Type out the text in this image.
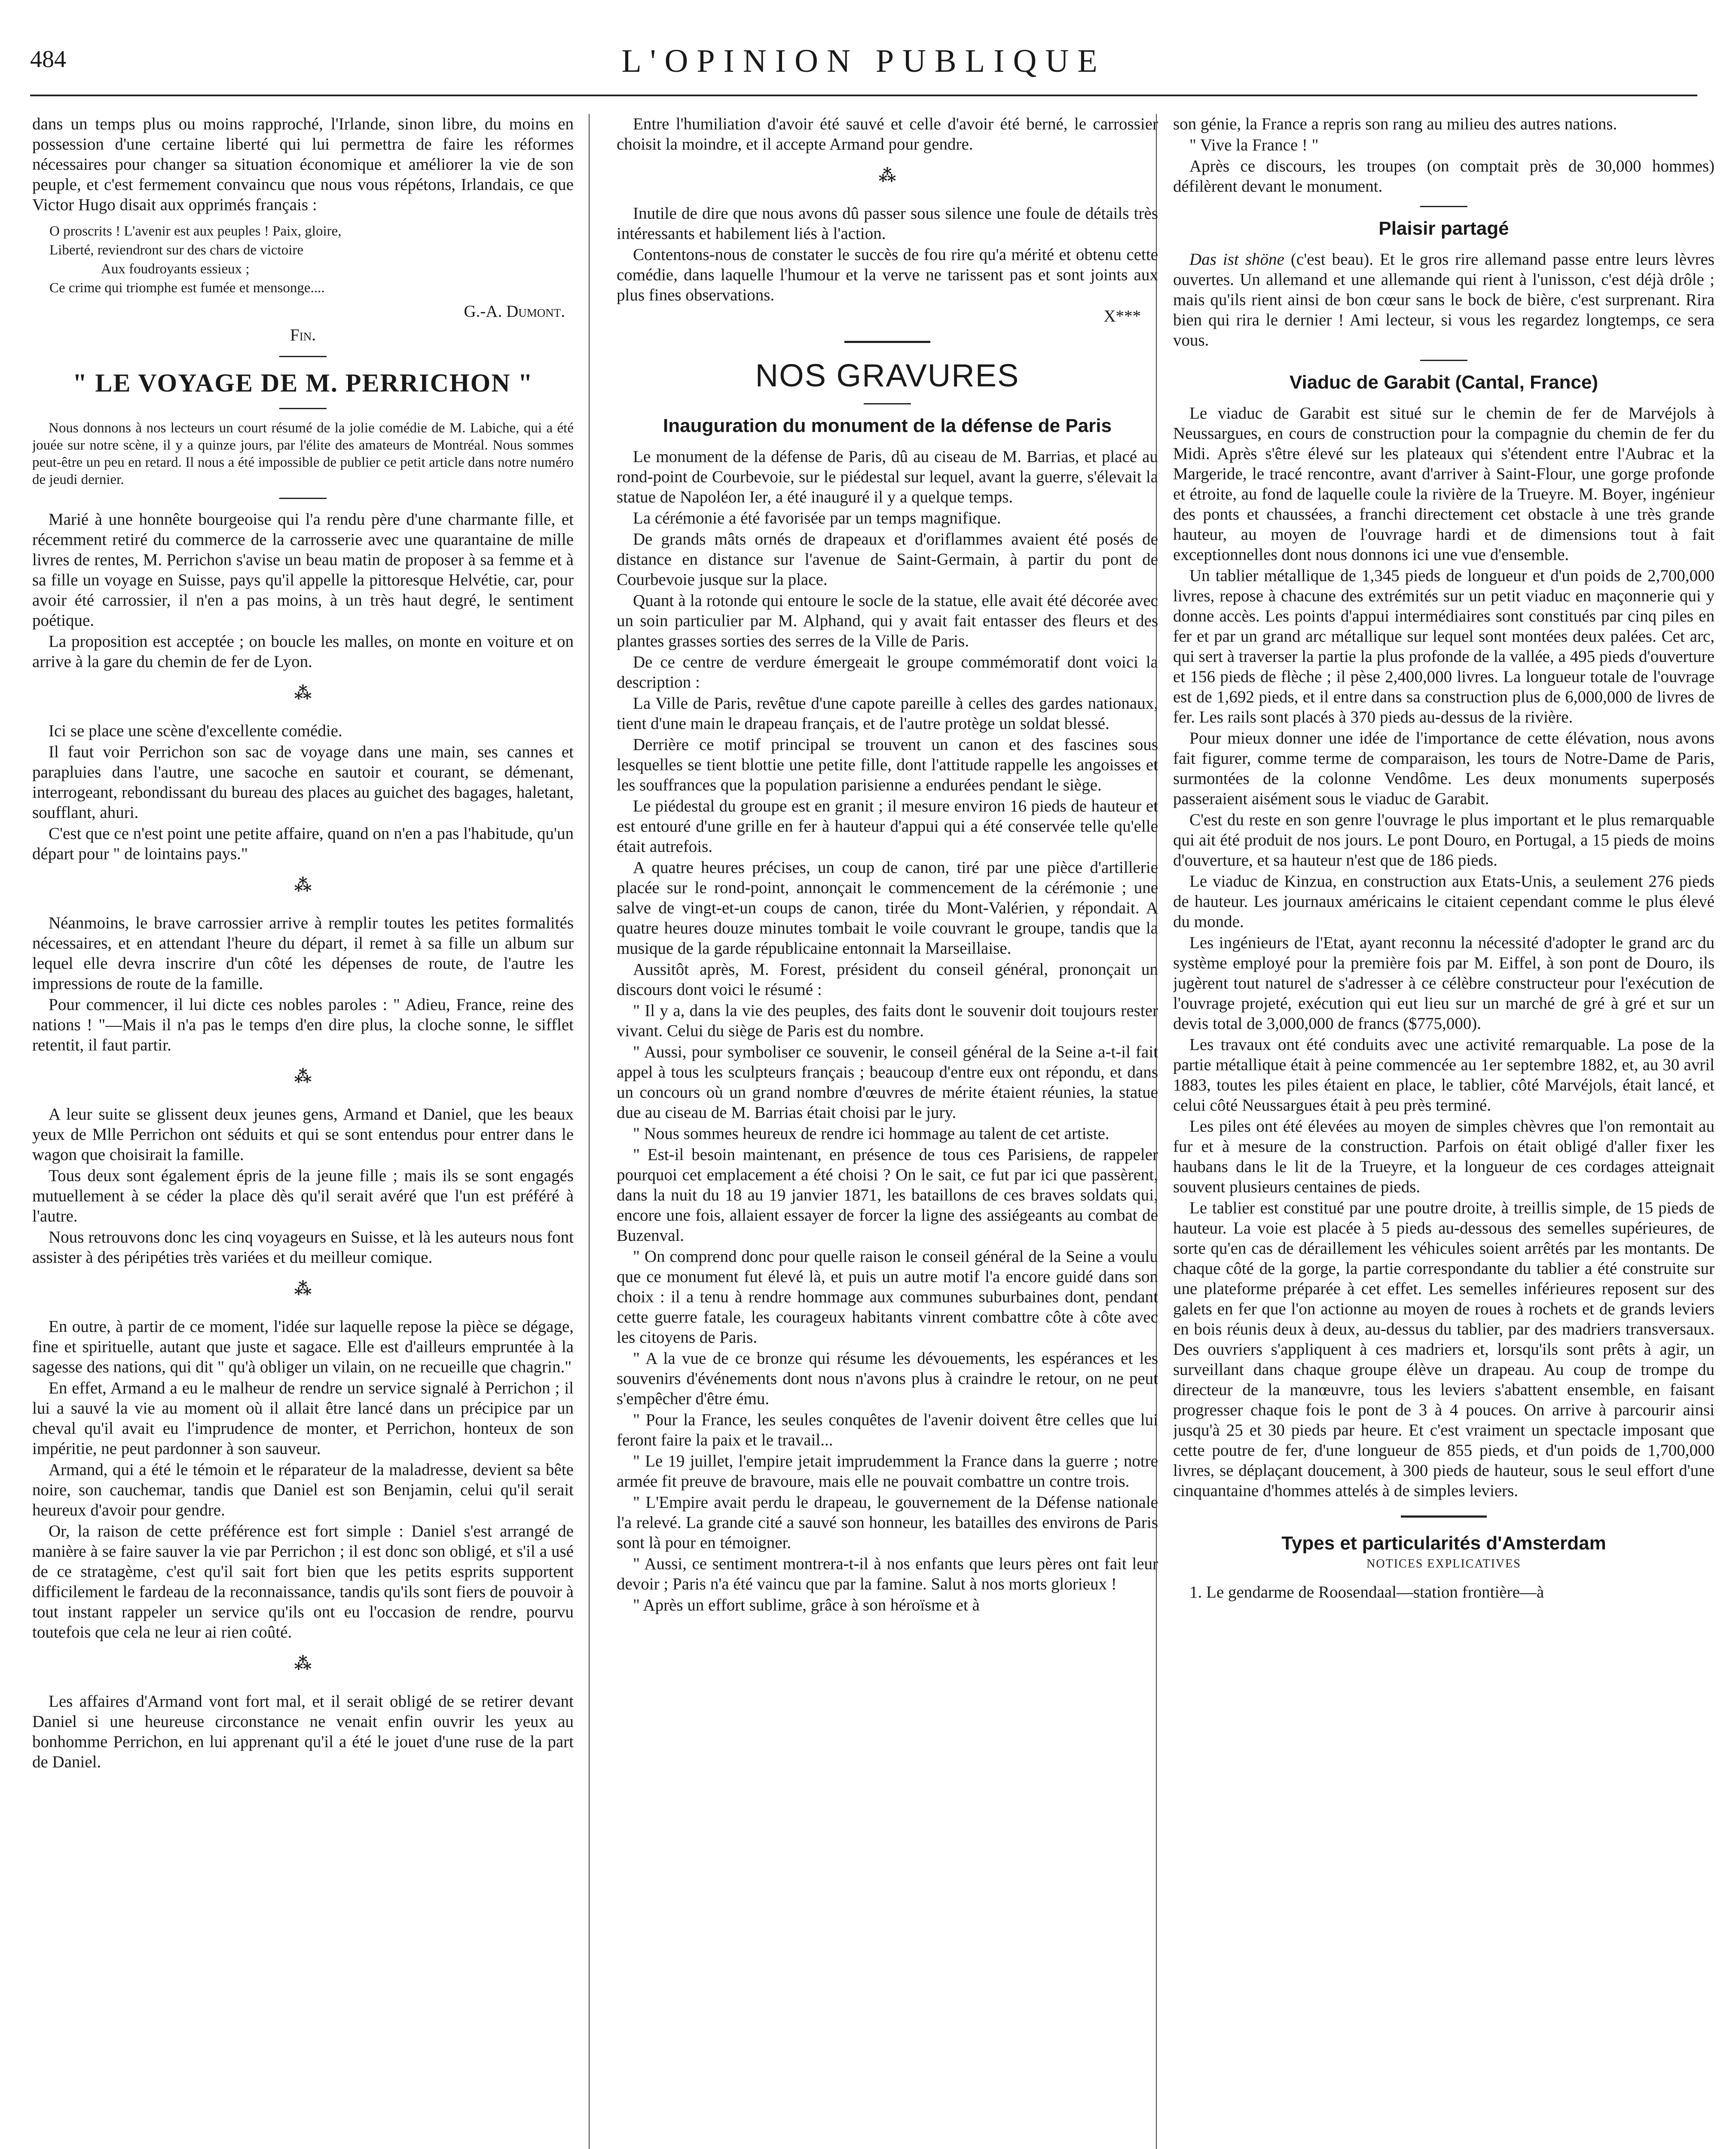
484	L'OPINION PUBLIQUE

dans un temps plus ou moins rapproché, l'Irlande, sinon libre, du moins en possession d'une certaine liberté qui lui permettra de faire les réformes nécessaires pour changer sa situation économique et améliorer la vie de son peuple, et c'est fermement convaincu que nous vous répétons, Irlandais, ce que Victor Hugo disait aux opprimés français :

O proscrits ! L'avenir est aux peuples ! Paix, gloire,
Liberté, reviendront sur des chars de victoire
Aux foudroyants essieux ;
Ce crime qui triomphe est fumée et mensonge....
G.-A. Dumont.
Fin.
" LE VOYAGE DE M. PERRICHON "

Nous donnons à nos lecteurs un court résumé de la jolie comédie de M. Labiche, qui a été jouée sur notre scène, il y a quinze jours, par l'élite des amateurs de Montréal. Nous sommes peut-être un peu en retard. Il nous a été impossible de publier ce petit article dans notre numéro de jeudi dernier.

Marié à une honnête bourgeoise qui l'a rendu père d'une charmante fille, et récemment retiré du commerce de la carrosserie avec une quarantaine de mille livres de rentes, M. Perrichon s'avise un beau matin de proposer à sa femme et à sa fille un voyage en Suisse, pays qu'il appelle la pittoresque Helvétie, car, pour avoir été carrossier, il n'en a pas moins, à un très haut degré, le sentiment poétique.

La proposition est acceptée ; on boucle les malles, on monte en voiture et on arrive à la gare du chemin de fer de Lyon.

⁂

Ici se place une scène d'excellente comédie.

Il faut voir Perrichon son sac de voyage dans une main, ses cannes et parapluies dans l'autre, une sacoche en sautoir et courant, se démenant, interrogeant, rebondissant du bureau des places au guichet des bagages, haletant, soufflant, ahuri.

C'est que ce n'est point une petite affaire, quand on n'en a pas l'habitude, qu'un départ pour " de lointains pays."

⁂

Néanmoins, le brave carrossier arrive à remplir toutes les petites formalités nécessaires, et en attendant l'heure du départ, il remet à sa fille un album sur lequel elle devra inscrire d'un côté les dépenses de route, de l'autre les impressions de route de la famille.

Pour commencer, il lui dicte ces nobles paroles : " Adieu, France, reine des nations ! "—Mais il n'a pas le temps d'en dire plus, la cloche sonne, le sifflet retentit, il faut partir.

⁂

A leur suite se glissent deux jeunes gens, Armand et Daniel, que les beaux yeux de Mlle Perrichon ont séduits et qui se sont entendus pour entrer dans le wagon que choisirait la famille.

Tous deux sont également épris de la jeune fille ; mais ils se sont engagés mutuellement à se céder la place dès qu'il serait avéré que l'un est préféré à l'autre.

Nous retrouvons donc les cinq voyageurs en Suisse, et là les auteurs nous font assister à des péripéties très variées et du meilleur comique.

⁂

En outre, à partir de ce moment, l'idée sur laquelle repose la pièce se dégage, fine et spirituelle, autant que juste et sagace. Elle est d'ailleurs empruntée à la sagesse des nations, qui dit " qu'à obliger un vilain, on ne recueille que chagrin."

En effet, Armand a eu le malheur de rendre un service signalé à Perrichon ; il lui a sauvé la vie au moment où il allait être lancé dans un précipice par un cheval qu'il avait eu l'imprudence de monter, et Perrichon, honteux de son impéritie, ne peut pardonner à son sauveur.

Armand, qui a été le témoin et le réparateur de la maladresse, devient sa bête noire, son cauchemar, tandis que Daniel est son Benjamin, celui qu'il serait heureux d'avoir pour gendre.

Or, la raison de cette préférence est fort simple : Daniel s'est arrangé de manière à se faire sauver la vie par Perrichon ; il est donc son obligé, et s'il a usé de ce stratagème, c'est qu'il sait fort bien que les petits esprits supportent difficilement le fardeau de la reconnaissance, tandis qu'ils sont fiers de pouvoir à tout instant rappeler un service qu'ils ont eu l'occasion de rendre, pourvu toutefois que cela ne leur ai rien coûté.

⁂

Les affaires d'Armand vont fort mal, et il serait obligé de se retirer devant Daniel si une heureuse circonstance ne venait enfin ouvrir les yeux au bonhomme Perrichon, en lui apprenant qu'il a été le jouet d'une ruse de la part de Daniel.

Entre l'humiliation d'avoir été sauvé et celle d'avoir été berné, le carrossier choisit la moindre, et il accepte Armand pour gendre.

⁂

Inutile de dire que nous avons dû passer sous silence une foule de détails très intéressants et habilement liés à l'action.

Contentons-nous de constater le succès de fou rire qu'a mérité et obtenu cette comédie, dans laquelle l'humour et la verve ne tarissent pas et sont joints aux plus fines observations.

X***

NOS GRAVURES
Inauguration du monument de la défense de Paris

Le monument de la défense de Paris, dû au ciseau de M. Barrias, et placé au rond-point de Courbevoie, sur le piédestal sur lequel, avant la guerre, s'élevait la statue de Napoléon Ier, a été inauguré il y a quelque temps.

La cérémonie a été favorisée par un temps magnifique.

De grands mâts ornés de drapeaux et d'oriflammes avaient été posés de distance en distance sur l'avenue de Saint-Germain, à partir du pont de Courbevoie jusque sur la place.

Quant à la rotonde qui entoure le socle de la statue, elle avait été décorée avec un soin particulier par M. Alphand, qui y avait fait entasser des fleurs et des plantes grasses sorties des serres de la Ville de Paris.

De ce centre de verdure émergeait le groupe commémoratif dont voici la description :

La Ville de Paris, revêtue d'une capote pareille à celles des gardes nationaux, tient d'une main le drapeau français, et de l'autre protège un soldat blessé.

Derrière ce motif principal se trouvent un canon et des fascines sous lesquelles se tient blottie une petite fille, dont l'attitude rappelle les angoisses et les souffrances que la population parisienne a endurées pendant le siège.

Le piédestal du groupe est en granit ; il mesure environ 16 pieds de hauteur et est entouré d'une grille en fer à hauteur d'appui qui a été conservée telle qu'elle était autrefois.

A quatre heures précises, un coup de canon, tiré par une pièce d'artillerie placée sur le rond-point, annonçait le commencement de la cérémonie ; une salve de vingt-et-un coups de canon, tirée du Mont-Valérien, y répondait. A quatre heures douze minutes tombait le voile couvrant le groupe, tandis que la musique de la garde républicaine entonnait la Marseillaise.

Aussitôt après, M. Forest, président du conseil général, prononçait un discours dont voici le résumé :

" Il y a, dans la vie des peuples, des faits dont le souvenir doit toujours rester vivant. Celui du siège de Paris est du nombre.

" Aussi, pour symboliser ce souvenir, le conseil général de la Seine a-t-il fait appel à tous les sculpteurs français ; beaucoup d'entre eux ont répondu, et dans un concours où un grand nombre d'œuvres de mérite étaient réunies, la statue due au ciseau de M. Barrias était choisi par le jury.

" Nous sommes heureux de rendre ici hommage au talent de cet artiste.

" Est-il besoin maintenant, en présence de tous ces Parisiens, de rappeler pourquoi cet emplacement a été choisi ? On le sait, ce fut par ici que passèrent, dans la nuit du 18 au 19 janvier 1871, les bataillons de ces braves soldats qui, encore une fois, allaient essayer de forcer la ligne des assiégeants au combat de Buzenval.

" On comprend donc pour quelle raison le conseil général de la Seine a voulu que ce monument fut élevé là, et puis un autre motif l'a encore guidé dans son choix : il a tenu à rendre hommage aux communes suburbaines dont, pendant cette guerre fatale, les courageux habitants vinrent combattre côte à côte avec les citoyens de Paris.

" A la vue de ce bronze qui résume les dévouements, les espérances et les souvenirs d'événements dont nous n'avons plus à craindre le retour, on ne peut s'empêcher d'être ému.

" Pour la France, les seules conquêtes de l'avenir doivent être celles que lui feront faire la paix et le travail...

" Le 19 juillet, l'empire jetait imprudemment la France dans la guerre ; notre armée fit preuve de bravoure, mais elle ne pouvait combattre un contre trois.

" L'Empire avait perdu le drapeau, le gouvernement de la Défense nationale l'a relevé. La grande cité a sauvé son honneur, les batailles des environs de Paris sont là pour en témoigner.

" Aussi, ce sentiment montrera-t-il à nos enfants que leurs pères ont fait leur devoir ; Paris n'a été vaincu que par la famine. Salut à nos morts glorieux !

" Après un effort sublime, grâce à son héroïsme et à

son génie, la France a repris son rang au milieu des autres nations.

" Vive la France ! "

Après ce discours, les troupes (on comptait près de 30,000 hommes) défilèrent devant le monument.

Plaisir partagé

Das ist shöne (c'est beau). Et le gros rire allemand passe entre leurs lèvres ouvertes. Un allemand et une allemande qui rient à l'unisson, c'est déjà drôle ; mais qu'ils rient ainsi de bon cœur sans le bock de bière, c'est surprenant. Rira bien qui rira le dernier ! Ami lecteur, si vous les regardez longtemps, ce sera vous.

Viaduc de Garabit (Cantal, France)

Le viaduc de Garabit est situé sur le chemin de fer de Marvéjols à Neussargues, en cours de construction pour la compagnie du chemin de fer du Midi. Après s'être élevé sur les plateaux qui s'étendent entre l'Aubrac et la Margeride, le tracé rencontre, avant d'arriver à Saint-Flour, une gorge profonde et étroite, au fond de laquelle coule la rivière de la Trueyre. M. Boyer, ingénieur des ponts et chaussées, a franchi directement cet obstacle à une très grande hauteur, au moyen de l'ouvrage hardi et de dimensions tout à fait exceptionnelles dont nous donnons ici une vue d'ensemble.

Un tablier métallique de 1,345 pieds de longueur et d'un poids de 2,700,000 livres, repose à chacune des extrémités sur un petit viaduc en maçonnerie qui y donne accès. Les points d'appui intermédiaires sont constitués par cinq piles en fer et par un grand arc métallique sur lequel sont montées deux palées. Cet arc, qui sert à traverser la partie la plus profonde de la vallée, a 495 pieds d'ouverture et 156 pieds de flèche ; il pèse 2,400,000 livres. La longueur totale de l'ouvrage est de 1,692 pieds, et il entre dans sa construction plus de 6,000,000 de livres de fer. Les rails sont placés à 370 pieds au-dessus de la rivière.

Pour mieux donner une idée de l'importance de cette élévation, nous avons fait figurer, comme terme de comparaison, les tours de Notre-Dame de Paris, surmontées de la colonne Vendôme. Les deux monuments superposés passeraient aisément sous le viaduc de Garabit.

C'est du reste en son genre l'ouvrage le plus important et le plus remarquable qui ait été produit de nos jours. Le pont Douro, en Portugal, a 15 pieds de moins d'ouverture, et sa hauteur n'est que de 186 pieds.

Le viaduc de Kinzua, en construction aux Etats-Unis, a seulement 276 pieds de hauteur. Les journaux américains le citaient cependant comme le plus élevé du monde.

Les ingénieurs de l'Etat, ayant reconnu la nécessité d'adopter le grand arc du système employé pour la première fois par M. Eiffel, à son pont de Douro, ils jugèrent tout naturel de s'adresser à ce célèbre constructeur pour l'exécution de l'ouvrage projeté, exécution qui eut lieu sur un marché de gré à gré et sur un devis total de 3,000,000 de francs ($775,000).

Les travaux ont été conduits avec une activité remarquable. La pose de la partie métallique était à peine commencée au 1er septembre 1882, et, au 30 avril 1883, toutes les piles étaient en place, le tablier, côté Marvéjols, était lancé, et celui côté Neussargues était à peu près terminé.

Les piles ont été élevées au moyen de simples chèvres que l'on remontait au fur et à mesure de la construction. Parfois on était obligé d'aller fixer les haubans dans le lit de la Trueyre, et la longueur de ces cordages atteignait souvent plusieurs centaines de pieds.

Le tablier est constitué par une poutre droite, à treillis simple, de 15 pieds de hauteur. La voie est placée à 5 pieds au-dessous des semelles supérieures, de sorte qu'en cas de déraillement les véhicules soient arrêtés par les montants. De chaque côté de la gorge, la partie correspondante du tablier a été construite sur une plateforme préparée à cet effet. Les semelles inférieures reposent sur des galets en fer que l'on actionne au moyen de roues à rochets et de grands leviers en bois réunis deux à deux, au-dessus du tablier, par des madriers transversaux. Des ouvriers s'appliquent à ces madriers et, lorsqu'ils sont prêts à agir, un surveillant dans chaque groupe élève un drapeau. Au coup de trompe du directeur de la manœuvre, tous les leviers s'abattent ensemble, en faisant progresser chaque fois le pont de 3 à 4 pouces. On arrive à parcourir ainsi jusqu'à 25 et 30 pieds par heure. Et c'est vraiment un spectacle imposant que cette poutre de fer, d'une longueur de 855 pieds, et d'un poids de 1,700,000 livres, se déplaçant doucement, à 300 pieds de hauteur, sous le seul effort d'une cinquantaine d'hommes attelés à de simples leviers.

Types et particularités d'Amsterdam
NOTICES EXPLICATIVES

1. Le gendarme de Roosendaal—station frontière—à
